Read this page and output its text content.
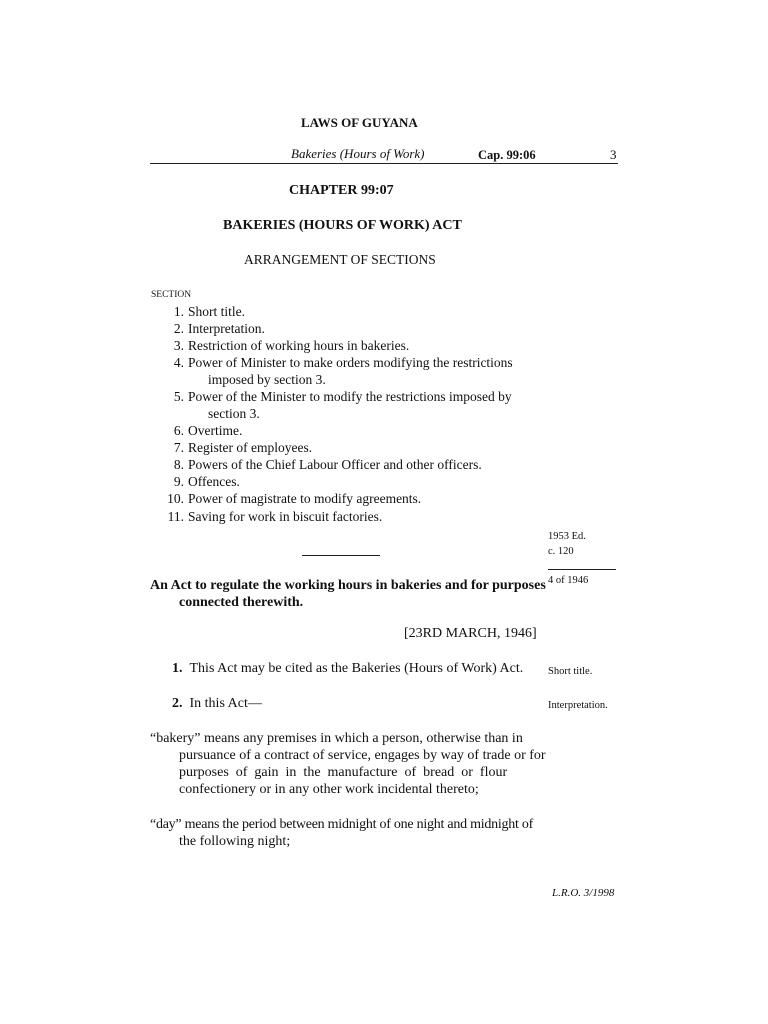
LAWS OF GUYANA
Bakeries (Hours of Work)	Cap. 99:06	3
CHAPTER 99:07
BAKERIES (HOURS OF WORK) ACT
ARRANGEMENT OF SECTIONS
SECTION
1. Short title.
2. Interpretation.
3. Restriction of working hours in bakeries.
4. Power of Minister to make orders modifying the restrictions
imposed by section 3.
5. Power of the Minister to modify the restrictions imposed by
section 3.
6. Overtime.
7. Register of employees.
8. Powers of the Chief Labour Officer and other officers.
9. Offences.
10. Power of magistrate to modify agreements.
11. Saving for work in biscuit factories.
1953 Ed.
c. 120
4 of 1946
An Act to regulate the working hours in bakeries and for purposes
connected therewith.
[23RD MARCH, 1946]
1. This Act may be cited as the Bakeries (Hours of Work) Act. Short title.
2. In this Act—	Interpretation.
“bakery” means any premises in which a person, otherwise than in
pursuance of a contract of service, engages by way of trade or for
purposes of gain in the manufacture of bread or flour
confectionery or in any other work incidental thereto;
“day” means the period between midnight of one night and midnight of
the following night;
L.R.O. 3/1998
